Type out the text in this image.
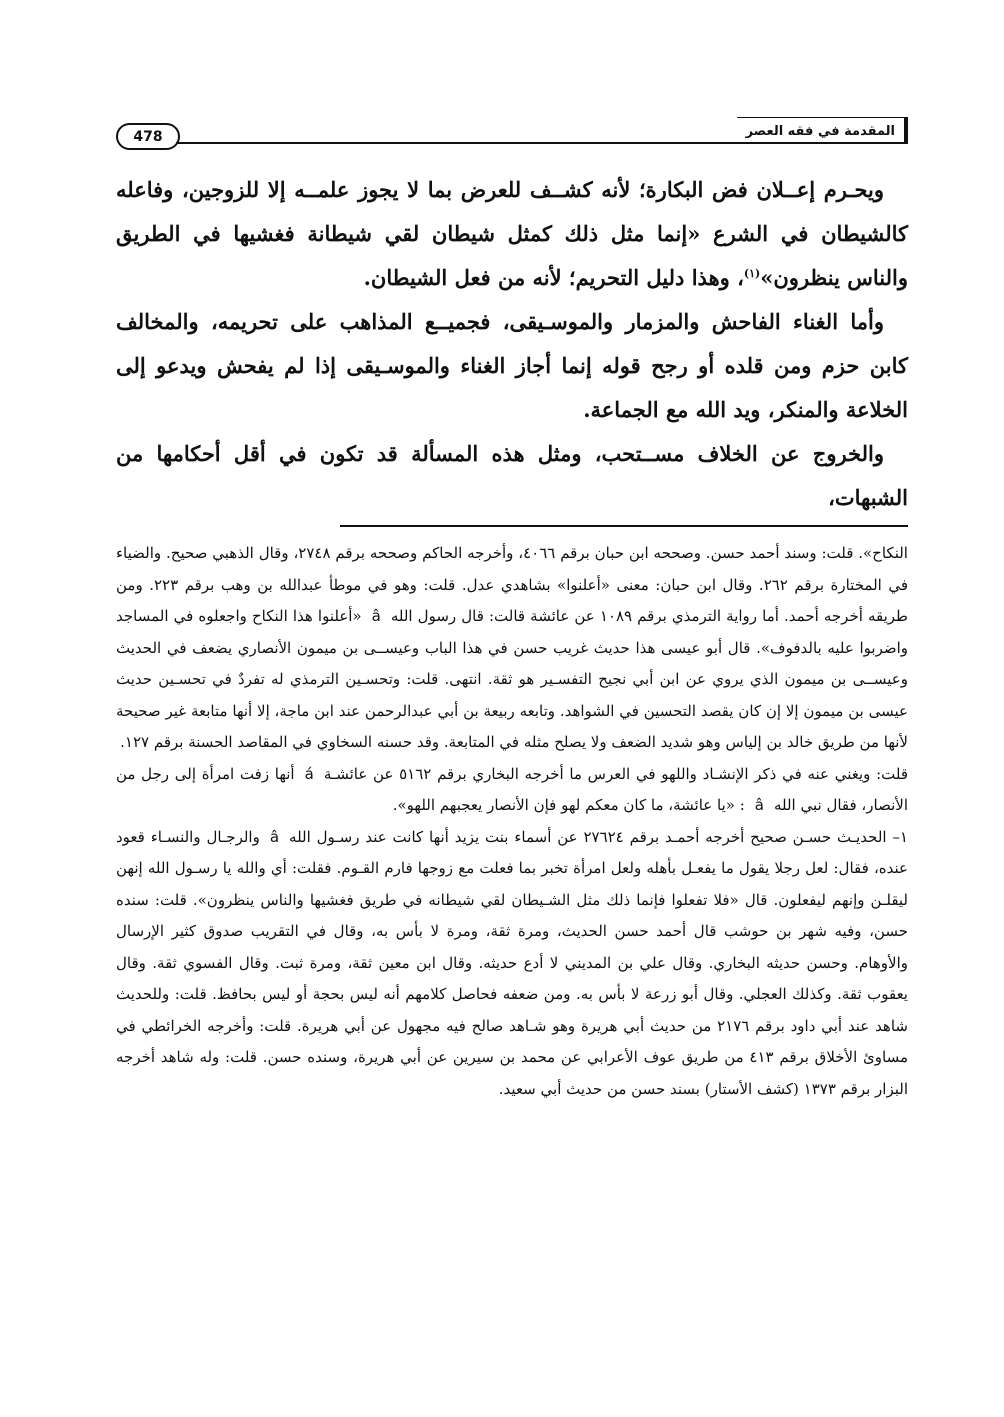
المقدمة في فقه العصر
478

ويحـرم إعــلان فض البكارة؛ لأنه كشــف للعرض بما لا يجوز علمــه إلا للزوجين، وفاعله كالشيطان في الشرع «إنما مثل ذلك كمثل شيطان لقي شيطانة فغشيها في الطريق والناس ينظرون»$^{(١)}$، وهذا دليل التحريم؛ لأنه من فعل الشيطان.

وأما الغناء الفاحش والمزمار والموسـيقى، فجميــع المذاهب على تحريمه، والمخالف كابن حزم ومن قلده أو رجح قوله إنما أجاز الغناء والموسـيقى إذا لم يفحش ويدعو إلى الخلاعة والمنكر، ويد الله مع الجماعة.

والخروج عن الخلاف مســتحب، ومثل هذه المسألة قد تكون في أقل أحكامها من الشبهات،

النكاح». قلت: وسند أحمد حسن. وصححه ابن حبان برقم ٤٠٦٦، وأخرجه الحاكم وصححه برقم ٢٧٤٨، وقال الذهبي صحيح. والضياء في المختارة برقم ٢٦٢. وقال ابن حبان: معنى «أعلنوا» بشاهدي عدل. قلت: وهو في موطأ عبدالله بن وهب برقم ٢٢٣. ومن طريقه أخرجه أحمد. أما رواية الترمذي برقم ١٠٨٩ عن عائشة قالت: قال رسول اللهâ«أعلنوا هذا النكاح واجعلوه في المساجد واضربوا عليه بالدفوف». قال أبو عيسى هذا حديث غريب حسن في هذا الباب وعيســى بن ميمون الأنصاري يضعف في الحديث وعيســى بن ميمون الذي يروي عن ابن أبي نجيح التفسـير هو ثقة. انتهى. قلت: وتحسـين الترمذي له تفردٌ في تحسـين حديث عيسى بن ميمون إلا إن كان يقصد التحسين في الشواهد. وتابعه ربيعة بن أبي عبدالرحمن عند ابن ماجة، إلا أنها متابعة غير صحيحة لأنها من طريق خالد بن إلياس وهو شديد الضعف ولا يصلح مثله في المتابعة. وقد حسنه السخاوي في المقاصد الحسنة برقم ١٢٧.

قلت: ويغني عنه في ذكر الإنشـاد واللهو في العرس ما أخرجه البخاري برقم ٥١٦٢ عن عائشـةáأنها زفت امرأة إلى رجل من الأنصار، فقال نبي اللهâ: «يا عائشة، ما كان معكم لهو فإن الأنصار يعجبهم اللهو».

١– الحديـث حسـن صحيح أخرجه أحمـد برقم ٢٧٦٢٤ عن أسماء بنت يزيد أنها كانت عند رسـول اللهâوالرجـال والنسـاء قعود عنده، فقال: لعل رجلا يقول ما يفعـل بأهله ولعل امرأة تخبر بما فعلت مع زوجها فارم القـوم. فقلت: أي والله يا رسـول الله إنهن ليقلـن وإنهم ليفعلون. قال «فلا تفعلوا فإنما ذلك مثل الشـيطان لقي شيطانه في طريق فغشيها والناس ينظرون». قلت: سنده حسن، وفيه شهر بن حوشب قال أحمد حسن الحديث، ومرة ثقة، ومرة لا بأس به، وقال في التقريب صدوق كثير الإرسال والأوهام. وحسن حديثه البخاري. وقال علي بن المديني لا أدع حديثه. وقال ابن معين ثقة، ومرة ثبت. وقال الفسوي ثقة. وقال يعقوب ثقة. وكذلك العجلي. وقال أبو زرعة لا بأس به. ومن ضعفه فحاصل كلامهم أنه ليس بحجة أو ليس بحافظ. قلت: وللحديث شاهد عند أبي داود برقم ٢١٧٦ من حديث أبي هريرة وهو شـاهد صالح فيه مجهول عن أبي هريرة. قلت: وأخرجه الخرائطي في مساوئ الأخلاق برقم ٤١٣ من طريق عوف الأعرابي عن محمد بن سيرين عن أبي هريرة، وسنده حسن. قلت: وله شاهد أخرجه البزار برقم ١٣٧٣ (كشف الأستار) بسند حسن من حديث أبي سعيد.
